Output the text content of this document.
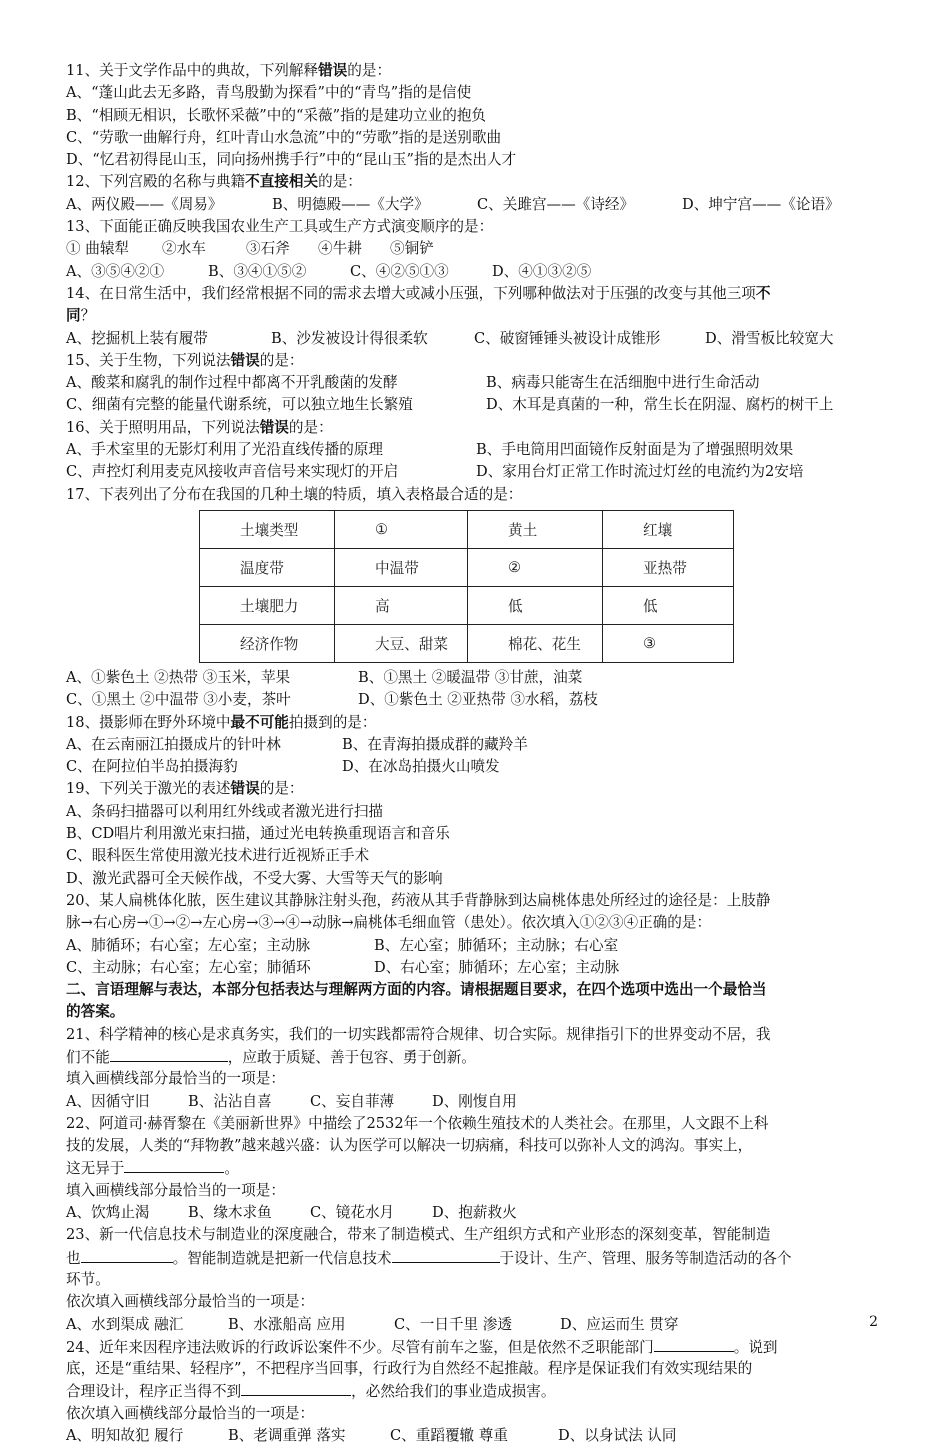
11、关于文学作品中的典故，下列解释错误的是：
A、“蓬山此去无多路，青鸟殷勤为探看”中的“青鸟”指的是信使
B、“相顾无相识，长歌怀采薇”中的“采薇”指的是建功立业的抱负
C、“劳歌一曲解行舟，红叶青山水急流”中的“劳歌”指的是送别歌曲
D、“忆君初得昆山玉，同向扬州携手行”中的“昆山玉”指的是杰出人才
12、下列宫殿的名称与典籍不直接相关的是：
A、两仪殿——《周易》	B、明德殿——《大学》	C、关雎宫——《诗经》	D、坤宁宫——《论语》
13、下面能正确反映我国农业生产工具或生产方式演变顺序的是：
① 曲辕犁	②水车	③石斧	④牛耕	⑤铜铲
A、③⑤④②①	B、③④①⑤②	C、④②⑤①③	D、④①③②⑤
14、在日常生活中，我们经常根据不同的需求去增大或减小压强，下列哪种做法对于压强的改变与其他三项不
同？
A、挖掘机上装有履带	B、沙发被设计得很柔软	C、破窗锤锤头被设计成锥形	D、滑雪板比较宽大
15、关于生物，下列说法错误的是：
A、酸菜和腐乳的制作过程中都离不开乳酸菌的发酵	B、病毒只能寄生在活细胞中进行生命活动
C、细菌有完整的能量代谢系统，可以独立地生长繁殖	D、木耳是真菌的一种，常生长在阴湿、腐朽的树干上
16、关于照明用品，下列说法错误的是：
A、手术室里的无影灯利用了光沿直线传播的原理	B、手电筒用凹面镜作反射面是为了增强照明效果
C、声控灯利用麦克风接收声音信号来实现灯的开启	D、家用台灯正常工作时流过灯丝的电流约为2安培
17、下表列出了分布在我国的几种土壤的特质，填入表格最合适的是：
土壤类型	①	黄土	红壤
温度带	中温带	②	亚热带
土壤肥力	高	低	低
经济作物	大豆、甜菜	棉花、花生	③
A、①紫色土 ②热带 ③玉米，苹果	B、①黑土 ②暖温带 ③甘蔗，油菜
C、①黑土 ②中温带 ③小麦，茶叶	D、①紫色土 ②亚热带 ③水稻，荔枝
18、摄影师在野外环境中最不可能拍摄到的是：
A、在云南丽江拍摄成片的针叶林	B、在青海拍摄成群的藏羚羊
C、在阿拉伯半岛拍摄海豹	D、在冰岛拍摄火山喷发
19、下列关于激光的表述错误的是：
A、条码扫描器可以利用红外线或者激光进行扫描
B、CD唱片利用激光束扫描，通过光电转换重现语言和音乐
C、眼科医生常使用激光技术进行近视矫正手术
D、激光武器可全天候作战，不受大雾、大雪等天气的影响
20、某人扁桃体化脓，医生建议其静脉注射头孢，药液从其手背静脉到达扁桃体患处所经过的途径是：上肢静
脉→右心房→①→②→左心房→③→④→动脉→扁桃体毛细血管（患处）。依次填入①②③④正确的是：
A、肺循环；右心室；左心室；主动脉	B、左心室；肺循环；主动脉；右心室
C、主动脉；右心室；左心室；肺循环	D、右心室；肺循环；左心室；主动脉
二、言语理解与表达，本部分包括表达与理解两方面的内容。请根据题目要求，在四个选项中选出一个最恰当
的答案。
21、科学精神的核心是求真务实，我们的一切实践都需符合规律、切合实际。规律指引下的世界变动不居，我
们不能	，应敢于质疑、善于包容、勇于创新。
填入画横线部分最恰当的一项是：
A、因循守旧	B、沾沾自喜	C、妄自菲薄	D、刚愎自用
22、阿道司·赫胥黎在《美丽新世界》中描绘了2532年一个依赖生殖技术的人类社会。在那里，人文跟不上科
技的发展，人类的“拜物教”越来越兴盛：认为医学可以解决一切病痛，科技可以弥补人文的鸿沟。事实上，
这无异于	。
填入画横线部分最恰当的一项是：
A、饮鸩止渴	B、缘木求鱼	C、镜花水月	D、抱薪救火
23、新一代信息技术与制造业的深度融合，带来了制造模式、生产组织方式和产业形态的深刻变革，智能制造
也	。智能制造就是把新一代信息技术	于设计、生产、管理、服务等制造活动的各个
环节。
依次填入画横线部分最恰当的一项是：
A、水到渠成 融汇	B、水涨船高 应用	C、一日千里 渗透	D、应运而生 贯穿
24、近年来因程序违法败诉的行政诉讼案件不少。尽管有前车之鉴，但是依然不乏职能部门	。说到
底，还是“重结果、轻程序”，不把程序当回事，行政行为自然经不起推敲。程序是保证我们有效实现结果的
合理设计，程序正当得不到	，必然给我们的事业造成损害。
依次填入画横线部分最恰当的一项是：
A、明知故犯 履行	B、老调重弹 落实	C、重蹈覆辙 尊重	D、以身试法 认同
2
